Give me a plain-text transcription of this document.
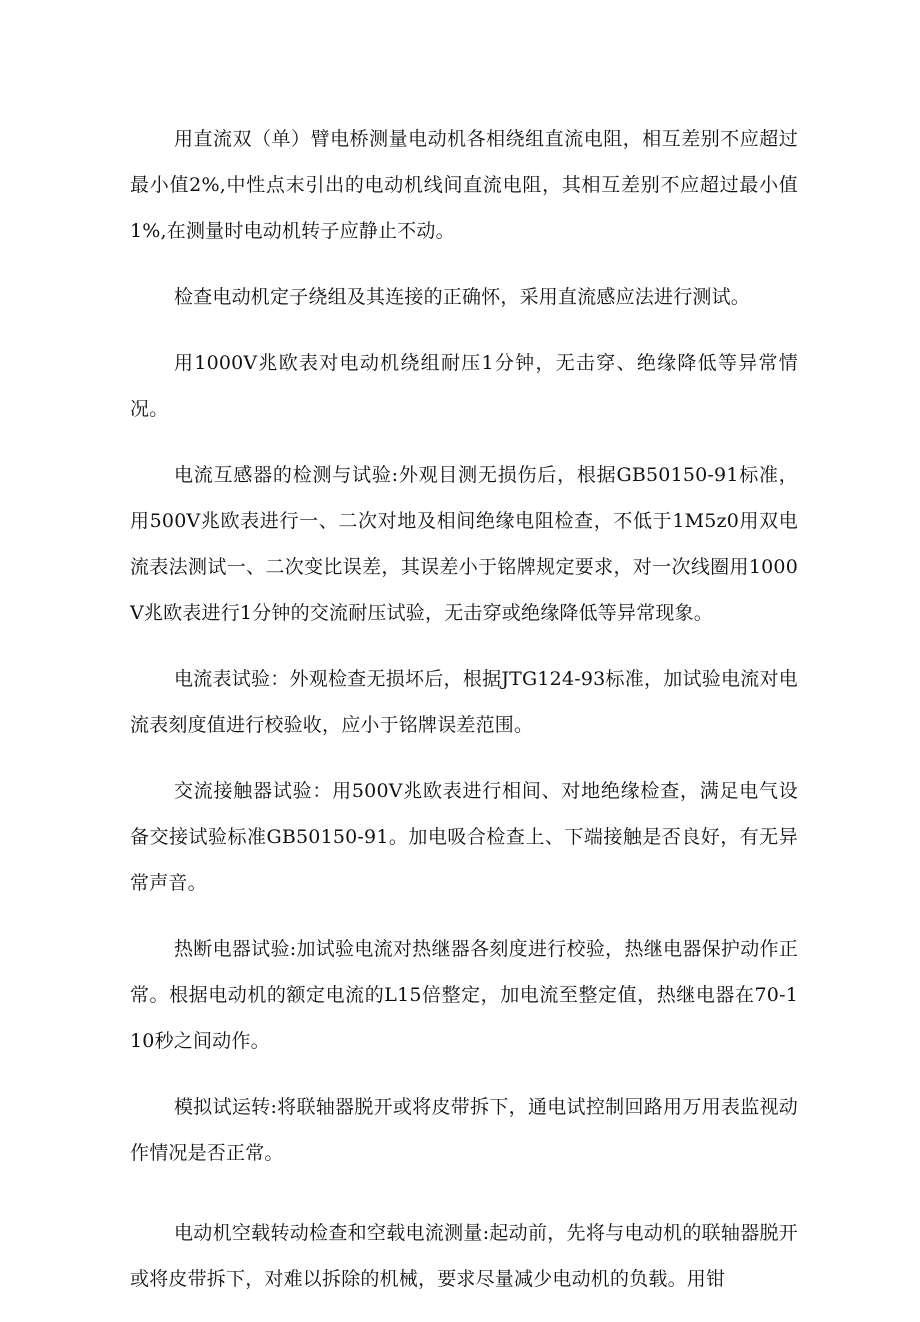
用直流双（单）臂电桥测量电动机各相绕组直流电阻，相互差别不应超过最小值2%,中性点末引出的电动机线间直流电阻，其相互差别不应超过最小值1%,在测量时电动机转子应静止不动。

检查电动机定子绕组及其连接的正确怀，采用直流感应法进行测试。

用1000V兆欧表对电动机绕组耐压1分钟，无击穿、绝缘降低等异常情况。

电流互感器的检测与试验:外观目测无损伤后，根据GB50150-91标准，用500V兆欧表进行一、二次对地及相间绝缘电阻检查，不低于1M5z0用双电流表法测试一、二次变比误差，其误差小于铭牌规定要求，对一次线圈用1000V兆欧表进行1分钟的交流耐压试验，无击穿或绝缘降低等异常现象。

电流表试验：外观检查无损坏后，根据JTG124-93标准，加试验电流对电流表刻度值进行校验收，应小于铭牌误差范围。

交流接触器试验：用500V兆欧表进行相间、对地绝缘检查，满足电气设备交接试验标准GB50150-91。加电吸合检查上、下端接触是否良好，有无异常声音。

热断电器试验:加试验电流对热继器各刻度进行校验，热继电器保护动作正常。根据电动机的额定电流的L15倍整定，加电流至整定值，热继电器在70-110秒之间动作。

模拟试运转:将联轴器脱开或将皮带拆下，通电试控制回路用万用表监视动作情况是否正常。

电动机空载转动检查和空载电流测量:起动前，先将与电动机的联轴器脱开或将皮带拆下，对难以拆除的机械，要求尽量减少电动机的负载。用钳
